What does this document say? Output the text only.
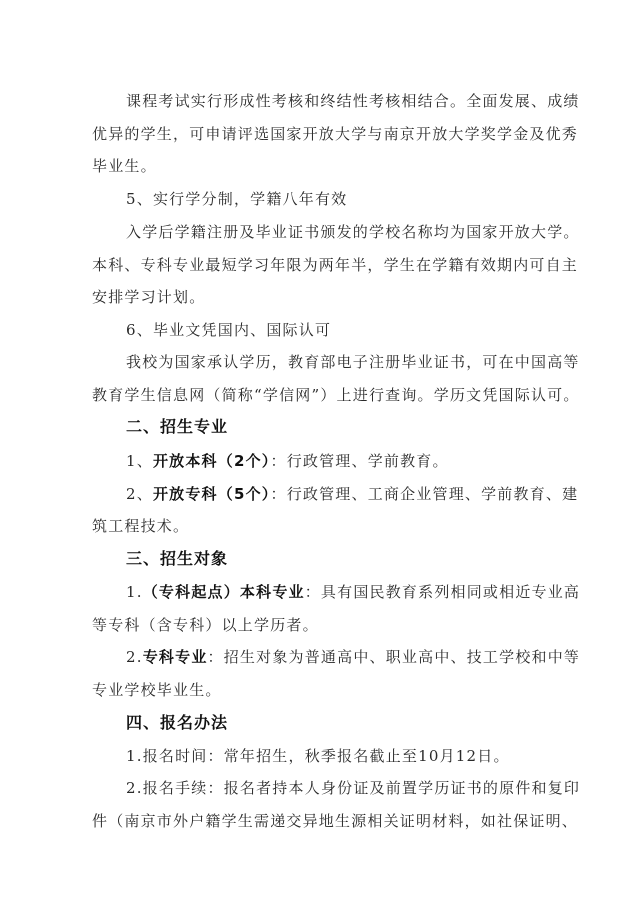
课程考试实行形成性考核和终结性考核相结合。全面发展、成绩
优异的学生，可申请评选国家开放大学与南京开放大学奖学金及优秀
毕业生。
5、实行学分制，学籍八年有效
入学后学籍注册及毕业证书颁发的学校名称均为国家开放大学。
本科、专科专业最短学习年限为两年半，学生在学籍有效期内可自主
安排学习计划。
6、毕业文凭国内、国际认可
我校为国家承认学历，教育部电子注册毕业证书，可在中国高等
教育学生信息网（简称“学信网”）上进行查询。学历文凭国际认可。
二、招生专业
1、开放本科（2个）：行政管理、学前教育。
2、开放专科（5个）：行政管理、工商企业管理、学前教育、建
筑工程技术。
三、招生对象
1.（专科起点）本科专业：具有国民教育系列相同或相近专业高
等专科（含专科）以上学历者。
2.专科专业：招生对象为普通高中、职业高中、技工学校和中等
专业学校毕业生。
四、报名办法
1.报名时间：常年招生，秋季报名截止至10月12日。
2.报名手续：报名者持本人身份证及前置学历证书的原件和复印
件（南京市外户籍学生需递交异地生源相关证明材料，如社保证明、
